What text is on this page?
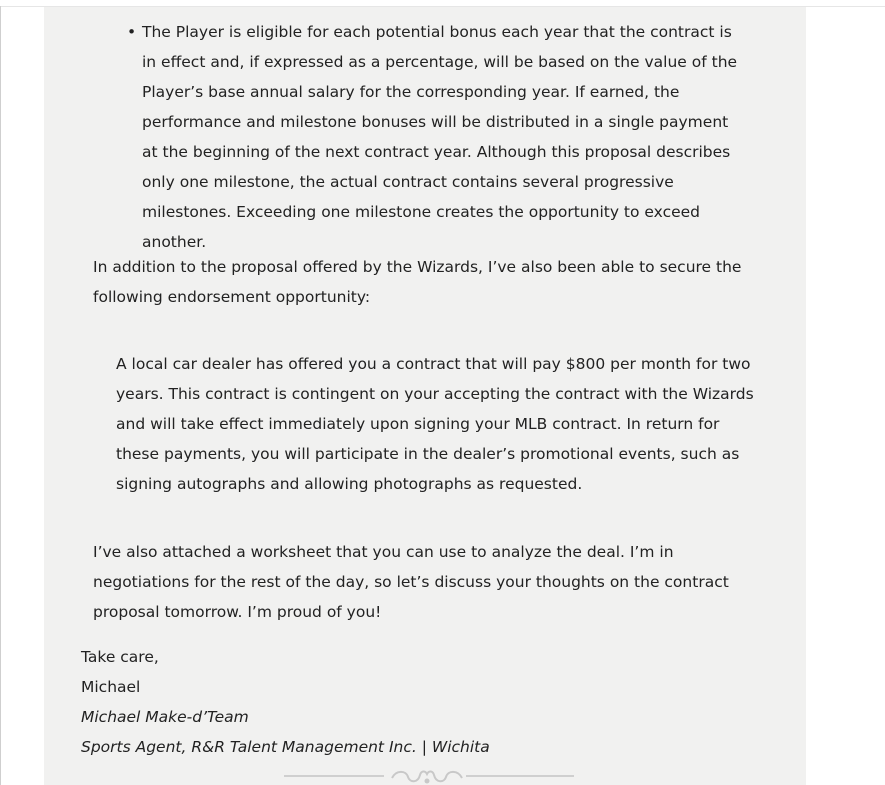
• The Player is eligible for each potential bonus each year that the contract is in effect and, if expressed as a percentage, will be based on the value of the Player’s base annual salary for the corresponding year. If earned, the performance and milestone bonuses will be distributed in a single payment at the beginning of the next contract year. Although this proposal describes only one milestone, the actual contract contains several progressive milestones. Exceeding one milestone creates the opportunity to exceed another.

In addition to the proposal offered by the Wizards, I’ve also been able to secure the following endorsement opportunity:

A local car dealer has offered you a contract that will pay $800 per month for two years. This contract is contingent on your accepting the contract with the Wizards and will take effect immediately upon signing your MLB contract. In return for these payments, you will participate in the dealer’s promotional events, such as signing autographs and allowing photographs as requested.

I’ve also attached a worksheet that you can use to analyze the deal. I’m in negotiations for the rest of the day, so let’s discuss your thoughts on the contract proposal tomorrow. I’m proud of you!

Take care,

Michael

Michael Make-d’Team

Sports Agent, R&R Talent Management Inc. | Wichita
